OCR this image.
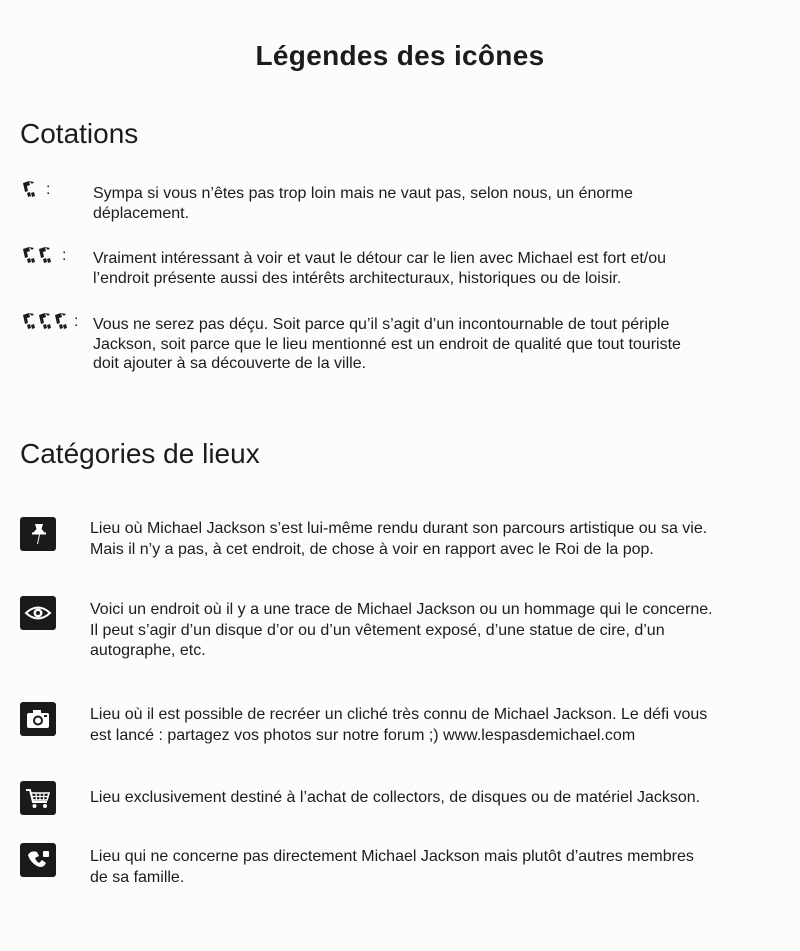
Légendes des icônes
Cotations
:	Sympa si vous n’êtes pas trop loin mais ne vaut pas, selon nous, un énorme
déplacement.

: Vraiment intéressant à voir et vaut le détour car le lien avec Michael est fort et/ou
l’endroit présente aussi des intérêts architecturaux, historiques ou de loisir.

: Vous ne serez pas déçu. Soit parce qu’il s’agit d’un incontournable de tout périple
Jackson, soit parce que le lieu mentionné est un endroit de qualité que tout touriste
doit ajouter à sa découverte de la ville.

Catégories de lieux

Lieu où Michael Jackson s’est lui-même rendu durant son parcours artistique ou sa vie.
Mais il n’y a pas, à cet endroit, de chose à voir en rapport avec le Roi de la pop.

Voici un endroit où il y a une trace de Michael Jackson ou un hommage qui le concerne.
Il peut s’agir d’un disque d’or ou d’un vêtement exposé, d’une statue de cire, d’un
autographe, etc.

Lieu où il est possible de recréer un cliché très connu de Michael Jackson. Le défi vous
est lancé : partagez vos photos sur notre forum ;) www.lespasdemichael.com

Lieu exclusivement destiné à l’achat de collectors, de disques ou de matériel Jackson.

Lieu qui ne concerne pas directement Michael Jackson mais plutôt d’autres membres
de sa famille.
